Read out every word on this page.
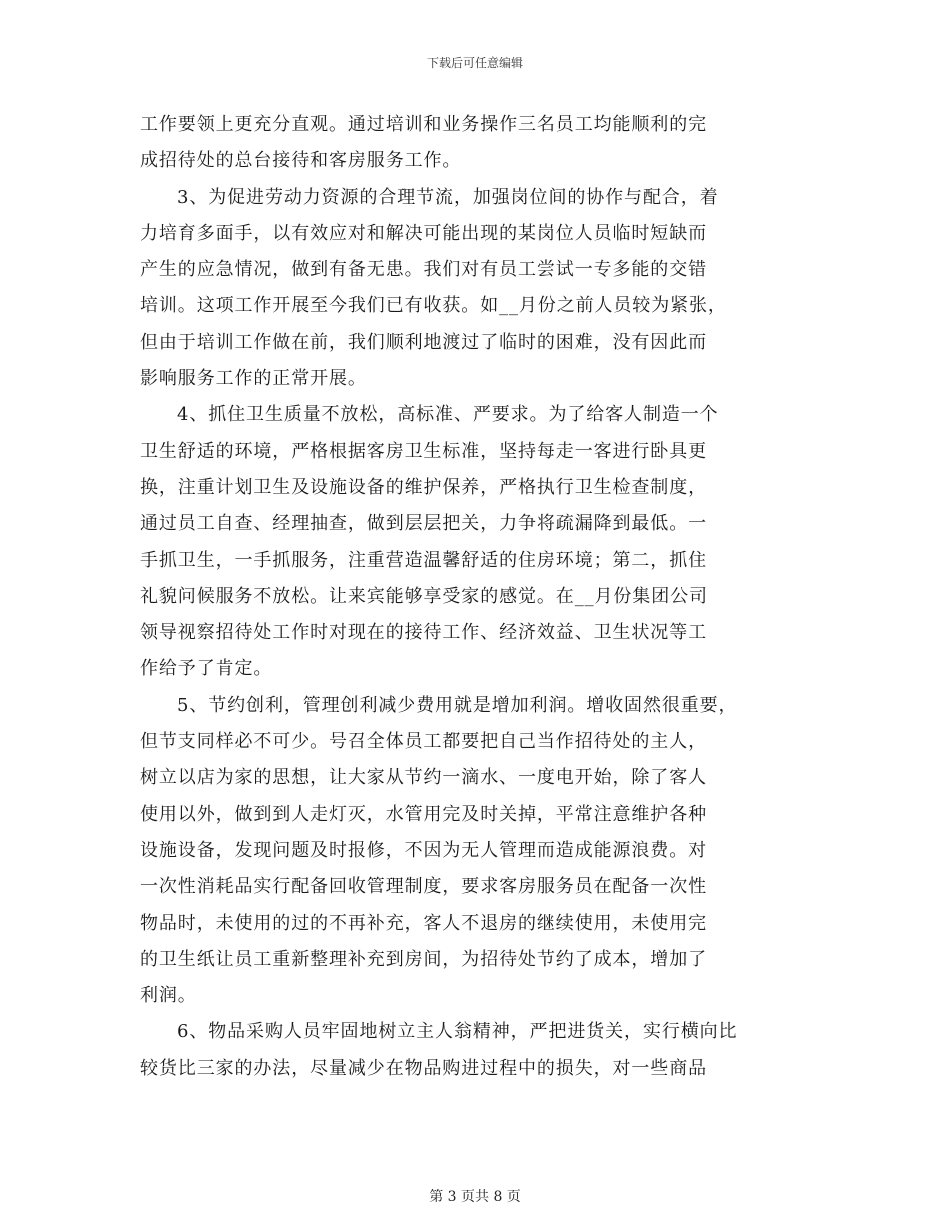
下载后可任意编辑
工作要领上更充分直观。通过培训和业务操作三名员工均能顺利的完
成招待处的总台接待和客房服务工作。
3、为促进劳动力资源的合理节流，加强岗位间的协作与配合，着
力培育多面手，以有效应对和解决可能出现的某岗位人员临时短缺而
产生的应急情况，做到有备无患。我们对有员工尝试一专多能的交错
培训。这项工作开展至今我们已有收获。如__月份之前人员较为紧张，
但由于培训工作做在前，我们顺利地渡过了临时的困难，没有因此而
影响服务工作的正常开展。
4、抓住卫生质量不放松，高标准、严要求。为了给客人制造一个
卫生舒适的环境，严格根据客房卫生标准，坚持每走一客进行卧具更
换，注重计划卫生及设施设备的维护保养，严格执行卫生检查制度，
通过员工自查、经理抽查，做到层层把关，力争将疏漏降到最低。一
手抓卫生，一手抓服务，注重营造温馨舒适的住房环境；第二，抓住
礼貌问候服务不放松。让来宾能够享受家的感觉。在__月份集团公司
领导视察招待处工作时对现在的接待工作、经济效益、卫生状况等工
作给予了肯定。
5、节约创利，管理创利减少费用就是增加利润。增收固然很重要，
但节支同样必不可少。号召全体员工都要把自己当作招待处的主人，
树立以店为家的思想，让大家从节约一滴水、一度电开始，除了客人
使用以外，做到到人走灯灭，水管用完及时关掉，平常注意维护各种
设施设备，发现问题及时报修，不因为无人管理而造成能源浪费。对
一次性消耗品实行配备回收管理制度，要求客房服务员在配备一次性
物品时，未使用的过的不再补充，客人不退房的继续使用，未使用完
的卫生纸让员工重新整理补充到房间，为招待处节约了成本，增加了
利润。
6、物品采购人员牢固地树立主人翁精神，严把进货关，实行横向比
较货比三家的办法，尽量减少在物品购进过程中的损失，对一些商品
第 3 页共 8 页
